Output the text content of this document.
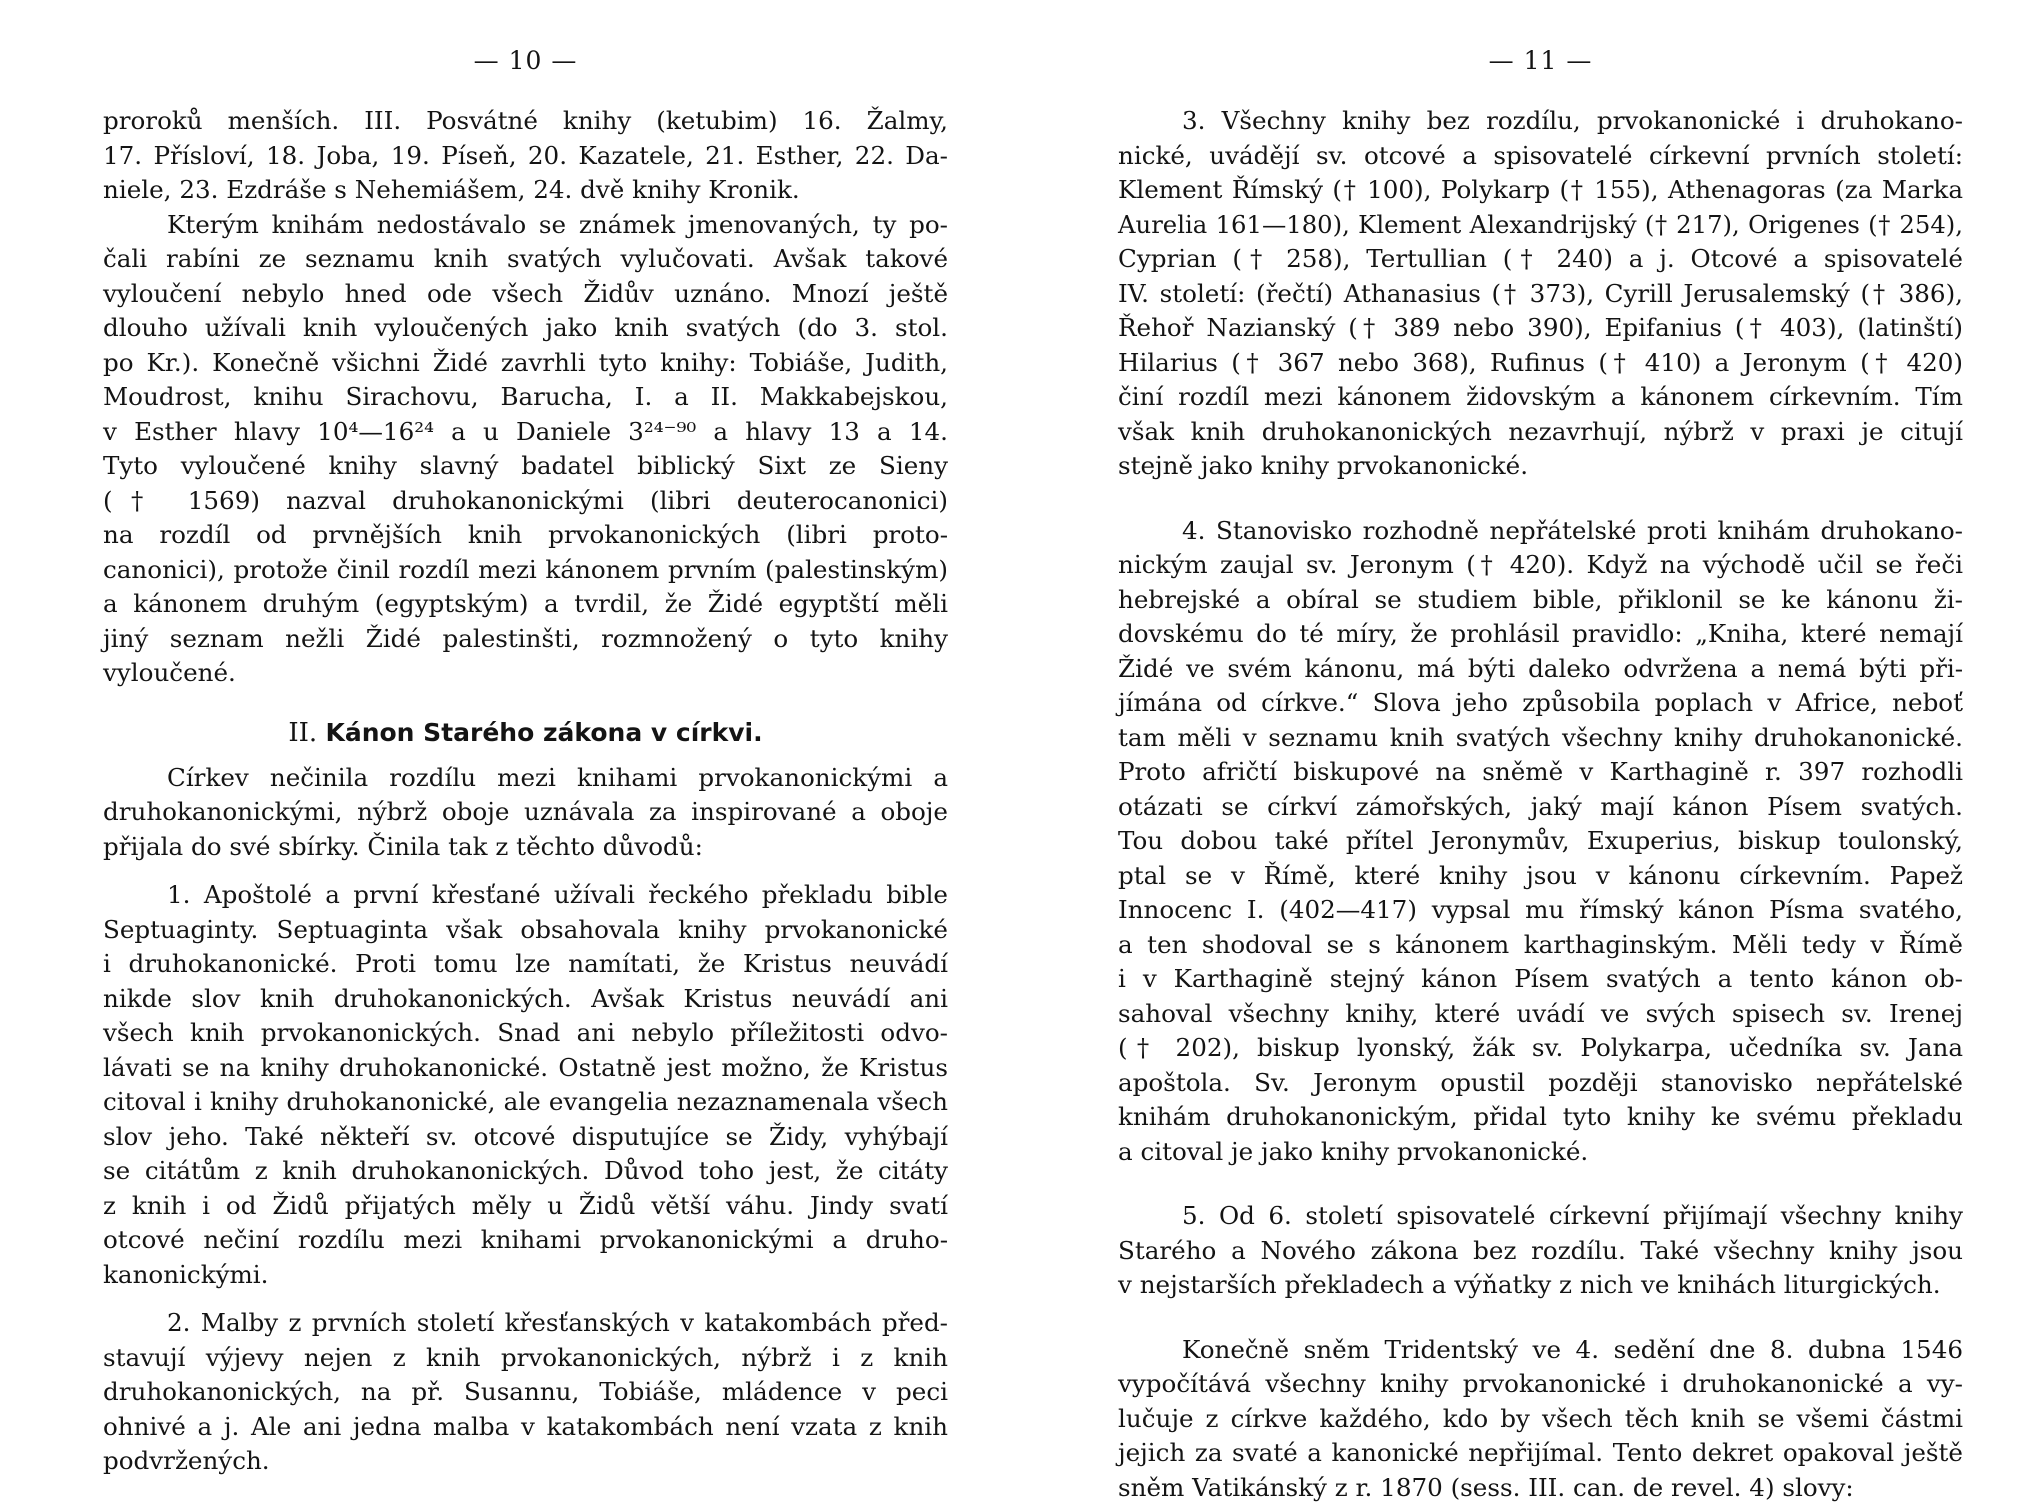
— 10 —
proroků menších. III. Posvátné knihy (ketubim) 16. Žalmy,
17. Přísloví, 18. Joba, 19. Píseň, 20. Kazatele, 21. Esther, 22. Da-
niele, 23. Ezdráše s Nehemiášem, 24. dvě knihy Kronik.
Kterým knihám nedostávalo se známek jmenovaných, ty po-
čali rabíni ze seznamu knih svatých vylučovati. Avšak takové
vyloučení nebylo hned ode všech Židův uznáno. Mnozí ještě
dlouho užívali knih vyloučených jako knih svatých (do 3. stol.
po Kr.). Konečně všichni Židé zavrhli tyto knihy: Tobiáše, Judith,
Moudrost, knihu Sirachovu, Barucha, I. a II. Makkabejskou,
v Esther hlavy 10⁴—16²⁴ a u Daniele 3²⁴⁻⁹⁰ a hlavy 13 a 14.
Tyto vyloučené knihy slavný badatel biblický Sixt ze Sieny
(† 1569) nazval druhokanonickými (libri deuterocanonici)
na rozdíl od prvnějších knih prvokanonických (libri proto-
canonici), protože činil rozdíl mezi kánonem prvním (palestinským)
a kánonem druhým (egyptským) a tvrdil, že Židé egyptští měli
jiný seznam nežli Židé palestinšti, rozmnožený o tyto knihy
vyloučené.
II. Kánon Starého zákona v církvi.
Církev nečinila rozdílu mezi knihami prvokanonickými a
druhokanonickými, nýbrž oboje uznávala za inspirované a oboje
přijala do své sbírky. Činila tak z těchto důvodů:
1. Apoštolé a první křesťané užívali řeckého překladu bible
Septuaginty. Septuaginta však obsahovala knihy prvokanonické
i druhokanonické. Proti tomu lze namítati, že Kristus neuvádí
nikde slov knih druhokanonických. Avšak Kristus neuvádí ani
všech knih prvokanonických. Snad ani nebylo příležitosti odvo-
lávati se na knihy druhokanonické. Ostatně jest možno, že Kristus
citoval i knihy druhokanonické, ale evangelia nezaznamenala všech
slov jeho. Také někteří sv. otcové disputujíce se Židy, vyhýbají
se citátům z knih druhokanonických. Důvod toho jest, že citáty
z knih i od Židů přijatých měly u Židů větší váhu. Jindy svatí
otcové nečiní rozdílu mezi knihami prvokanonickými a druho-
kanonickými.
2. Malby z prvních století křesťanských v katakombách před-
stavují výjevy nejen z knih prvokanonických, nýbrž i z knih
druhokanonických, na př. Susannu, Tobiáše, mládence v peci
ohnivé a j. Ale ani jedna malba v katakombách není vzata z knih
podvržených.
— 11 —
3. Všechny knihy bez rozdílu, prvokanonické i druhokano-
nické, uvádějí sv. otcové a spisovatelé církevní prvních století:
Klement Římský († 100), Polykarp († 155), Athenagoras (za Marka
Aurelia 161—180), Klement Alexandrijský († 217), Origenes († 254),
Cyprian († 258), Tertullian († 240) a j. Otcové a spisovatelé
IV. století: (řečtí) Athanasius († 373), Cyrill Jerusalemský († 386),
Řehoř Nazianský († 389 nebo 390), Epifanius († 403), (latinští)
Hilarius († 367 nebo 368), Rufinus († 410) a Jeronym († 420)
činí rozdíl mezi kánonem židovským a kánonem církevním. Tím
však knih druhokanonických nezavrhují, nýbrž v praxi je citují
stejně jako knihy prvokanonické.
4. Stanovisko rozhodně nepřátelské proti knihám druhokano-
nickým zaujal sv. Jeronym († 420). Když na východě učil se řeči
hebrejské a obíral se studiem bible, přiklonil se ke kánonu ži-
dovskému do té míry, že prohlásil pravidlo: „Kniha, které nemají
Židé ve svém kánonu, má býti daleko odvržena a nemá býti při-
jímána od církve.“ Slova jeho způsobila poplach v Africe, neboť
tam měli v seznamu knih svatých všechny knihy druhokanonické.
Proto afričtí biskupové na sněmě v Karthagině r. 397 rozhodli
otázati se církví zámořských, jaký mají kánon Písem svatých.
Tou dobou také přítel Jeronymův, Exuperius, biskup toulonský,
ptal se v Římě, které knihy jsou v kánonu církevním. Papež
Innocenc I. (402—417) vypsal mu římský kánon Písma svatého,
a ten shodoval se s kánonem karthaginským. Měli tedy v Římě
i v Karthagině stejný kánon Písem svatých a tento kánon ob-
sahoval všechny knihy, které uvádí ve svých spisech sv. Irenej
(† 202), biskup lyonský, žák sv. Polykarpa, učedníka sv. Jana
apoštola. Sv. Jeronym opustil později stanovisko nepřátelské
knihám druhokanonickým, přidal tyto knihy ke svému překladu
a citoval je jako knihy prvokanonické.
5. Od 6. století spisovatelé církevní přijímají všechny knihy
Starého a Nového zákona bez rozdílu. Také všechny knihy jsou
v nejstarších překladech a výňatky z nich ve knihách liturgických.
Konečně sněm Tridentský ve 4. sedění dne 8. dubna 1546
vypočítává všechny knihy prvokanonické i druhokanonické a vy-
lučuje z církve každého, kdo by všech těch knih se všemi částmi
jejich za svaté a kanonické nepřijímal. Tento dekret opakoval ještě
sněm Vatikánský z r. 1870 (sess. III. can. de revel. 4) slovy:
